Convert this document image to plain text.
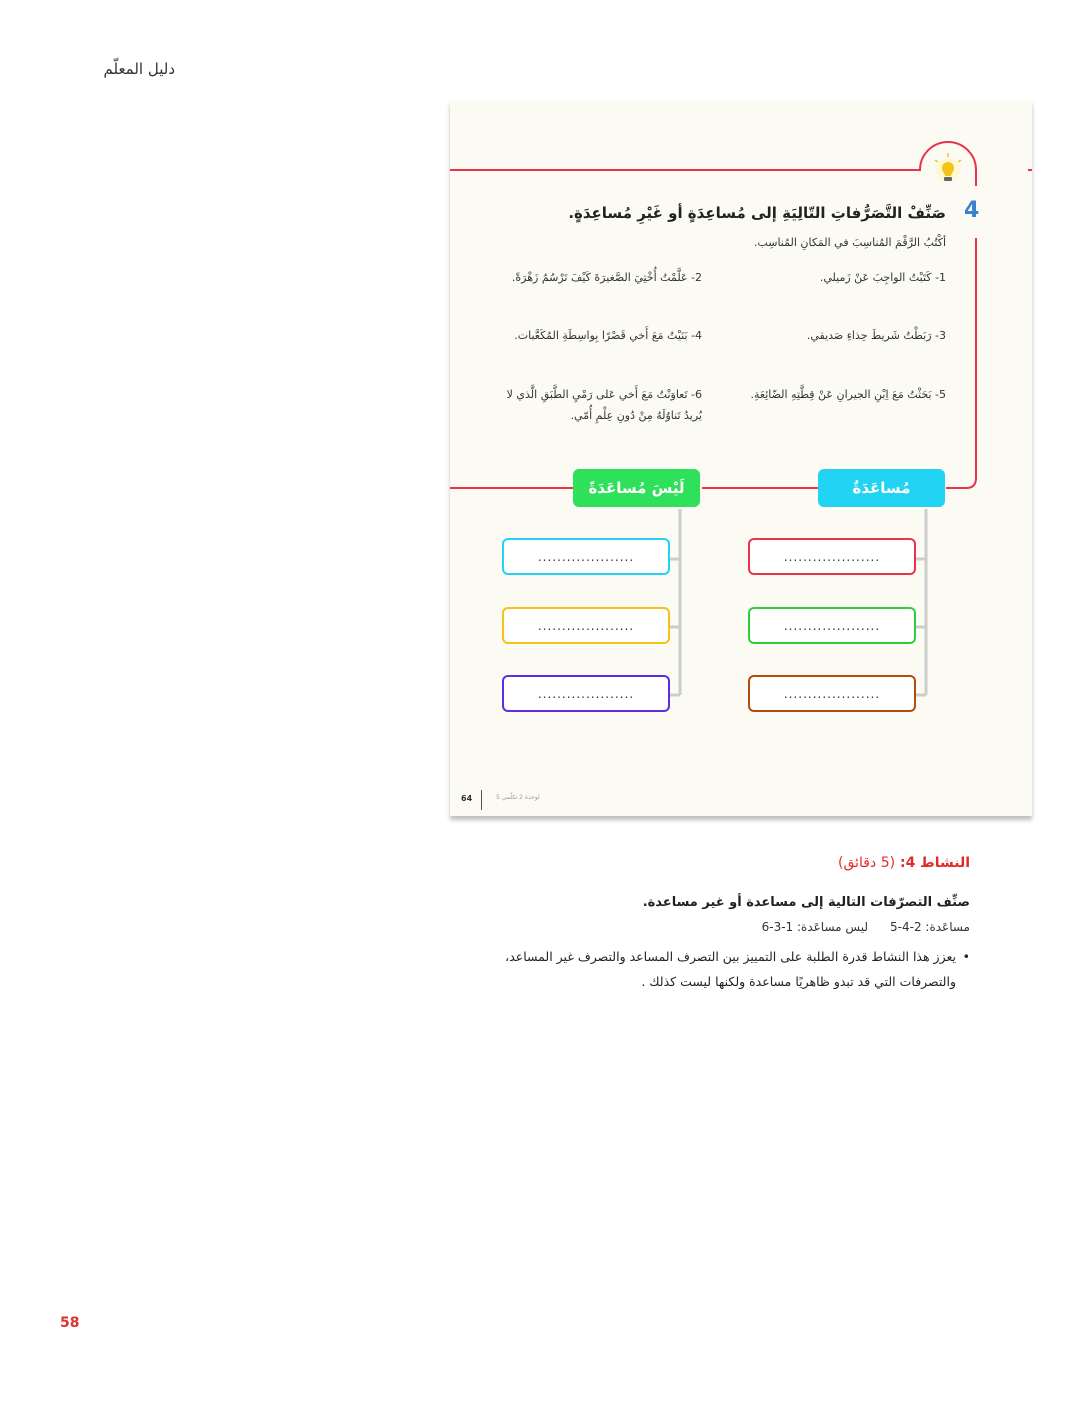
دليل المعلّم
4
صَنِّفْ التَّصَرُّفاتِ التّالِيَةِ إلى مُساعِدَةٍ أو غَيْرِ مُساعِدَةٍ.
أكْتُبُ الرَّقْمَ المُناسِبَ في المَكانِ المُناسِب.
1- كَتَبْتُ الواجِبَ عَنْ زَميلي.
2- عَلَّمْتُ أُخْتِيَ الصَّغيرَةَ كَيْفَ تَرْسُمُ زَهْرَةً.
3- رَبَطْتُ شَريطَ حِذاءِ صَديقي.
4- بَنَيْتُ مَعَ أَخي قَصْرًا بِواسِطَةِ المُكَعَّبات.
5- بَحَثْتُ مَعَ اِبْنِ الجيرانِ عَنْ قِطَّتِهِ الضّائِعَةِ.
6- تَعاوَنْتُ مَعَ أَخي عَلى رَمْيِ الطَّبَقِ الَّذي لا يُريدُ تَناوُلَهُ مِنْ دُونِ عِلْمِ أُمّي.
مُساعَدَةٌ
لَيْسَ مُساعَدَةً
....................
....................
....................
....................
....................
....................
64	لوحدة 2 تكلّمي 5
النشاط 4: (5 دقائق)
صنِّف التصرّفات التالية إلى مساعدة أو غير مساعدة.
مساعَدة: 2-4-5ليس مساعَدة: 1-3-6
• يعزز هذا النشاط قدرة الطلبة على التمييز بين التصرف المساعد والتصرف غير المساعد، والتصرفات التي قد تبدو ظاهريًا مساعدة ولكنها ليست كذلك .
58
